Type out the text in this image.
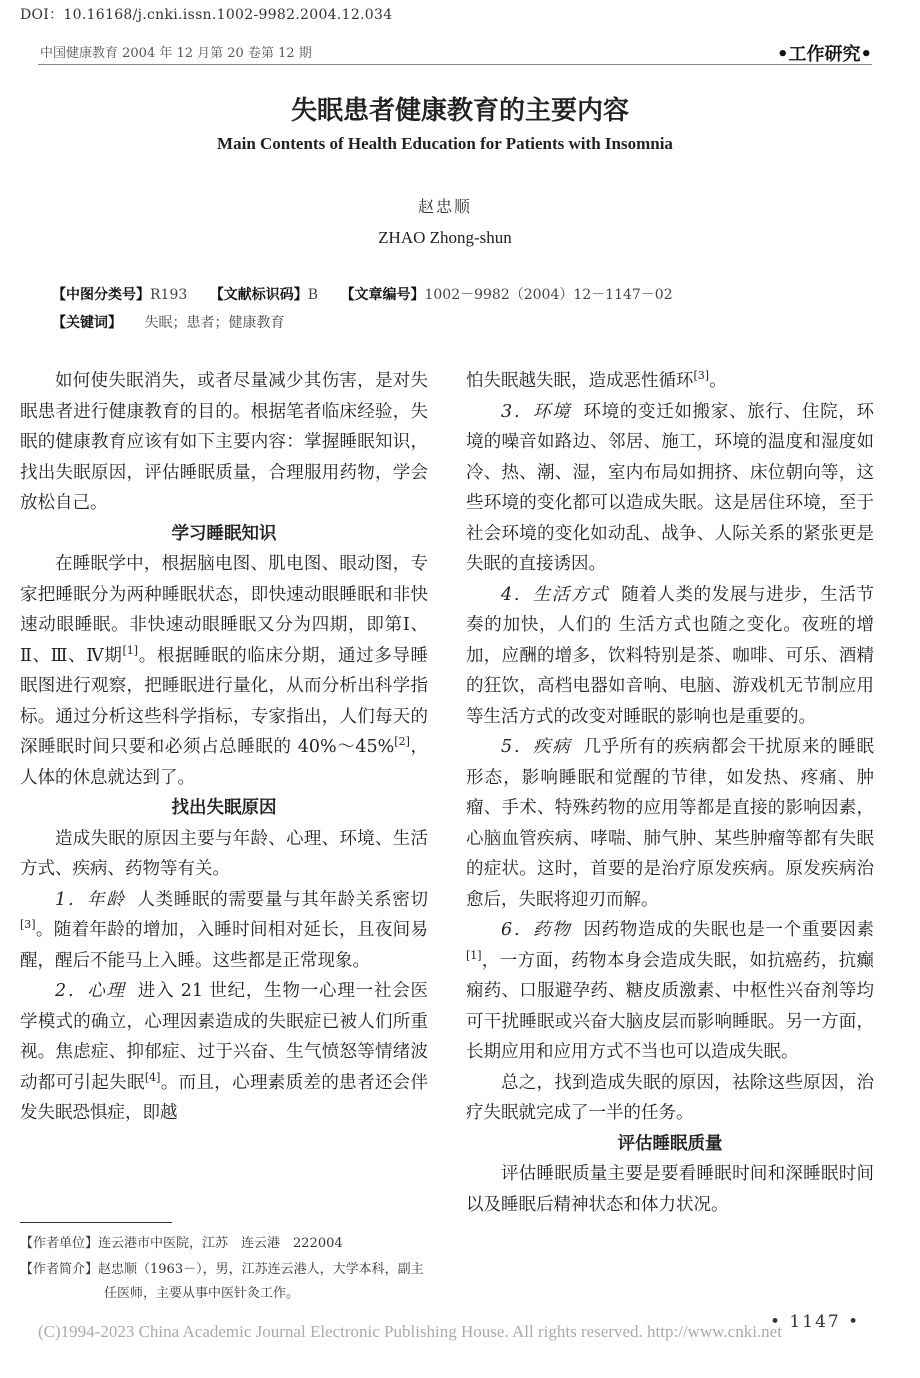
DOI：10.16168/j.cnki.issn.1002-9982.2004.12.034
中国健康教育 2004 年 12 月第 20 卷第 12 期	•工作研究•
失眠患者健康教育的主要内容
Main Contents of Health Education for Patients with Insomnia
赵忠顺
ZHAO Zhong-shun
【中图分类号】R193 【文献标识码】B 【文章编号】1002－9982（2004）12－1147－02
【关键词】 失眠；患者；健康教育

如何使失眠消失，或者尽量减少其伤害，是对失眠患者进行健康教育的目的。根据笔者临床经验，失眠的健康教育应该有如下主要内容：掌握睡眠知识，找出失眠原因，评估睡眠质量，合理服用药物，学会放松自己。

学习睡眠知识

在睡眠学中，根据脑电图、肌电图、眼动图，专家把睡眠分为两种睡眠状态，即快速动眼睡眠和非快速动眼睡眠。非快速动眼睡眠又分为四期，即第Ⅰ、Ⅱ、Ⅲ、Ⅳ期[1]。根据睡眠的临床分期，通过多导睡眠图进行观察，把睡眠进行量化，从而分析出科学指标。通过分析这些科学指标，专家指出，人们每天的深睡眠时间只要和必须占总睡眠的 40%～45%[2]，人体的休息就达到了。

找出失眠原因

造成失眠的原因主要与年龄、心理、环境、生活方式、疾病、药物等有关。

1．年龄 人类睡眠的需要量与其年龄关系密切[3]。随着年龄的增加，入睡时间相对延长，且夜间易醒，醒后不能马上入睡。这些都是正常现象。

2．心理 进入 21 世纪，生物一心理一社会医学模式的确立，心理因素造成的失眠症已被人们所重视。焦虑症、抑郁症、过于兴奋、生气愤怒等情绪波动都可引起失眠[4]。而且，心理素质差的患者还会伴发失眠恐惧症，即越

怕失眠越失眠，造成恶性循环[3]。

3．环境 环境的变迁如搬家、旅行、住院，环境的噪音如路边、邻居、施工，环境的温度和湿度如冷、热、潮、湿，室内布局如拥挤、床位朝向等，这些环境的变化都可以造成失眠。这是居住环境，至于社会环境的变化如动乱、战争、人际关系的紧张更是失眠的直接诱因。

4．生活方式 随着人类的发展与进步，生活节奏的加快，人们的 生活方式也随之变化。夜班的增加，应酬的增多，饮料特别是茶、咖啡、可乐、酒精的狂饮，高档电器如音响、电脑、游戏机无节制应用等生活方式的改变对睡眠的影响也是重要的。

5．疾病 几乎所有的疾病都会干扰原来的睡眠形态，影响睡眠和觉醒的节律，如发热、疼痛、肿瘤、手术、特殊药物的应用等都是直接的影响因素，心脑血管疾病、哮喘、肺气肿、某些肿瘤等都有失眠的症状。这时，首要的是治疗原发疾病。原发疾病治愈后，失眠将迎刃而解。

6．药物 因药物造成的失眠也是一个重要因素[1]，一方面，药物本身会造成失眠，如抗癌药，抗癫痫药、口服避孕药、糖皮质激素、中枢性兴奋剂等均可干扰睡眠或兴奋大脑皮层而影响睡眠。另一方面，长期应用和应用方式不当也可以造成失眠。

总之，找到造成失眠的原因，祛除这些原因，治疗失眠就完成了一半的任务。

评估睡眠质量

评估睡眠质量主要是要看睡眠时间和深睡眠时间以及睡眠后精神状态和体力状况。

【作者单位】连云港市中医院，江苏　连云港　222004
【作者简介】赵忠顺（1963－），男，江苏连云港人，大学本科，副主任医师，主要从事中医针灸工作。
(C)1994-2023 China Academic Journal Electronic Publishing House. All rights reserved. http://www.cnki.net
• 1147 •
